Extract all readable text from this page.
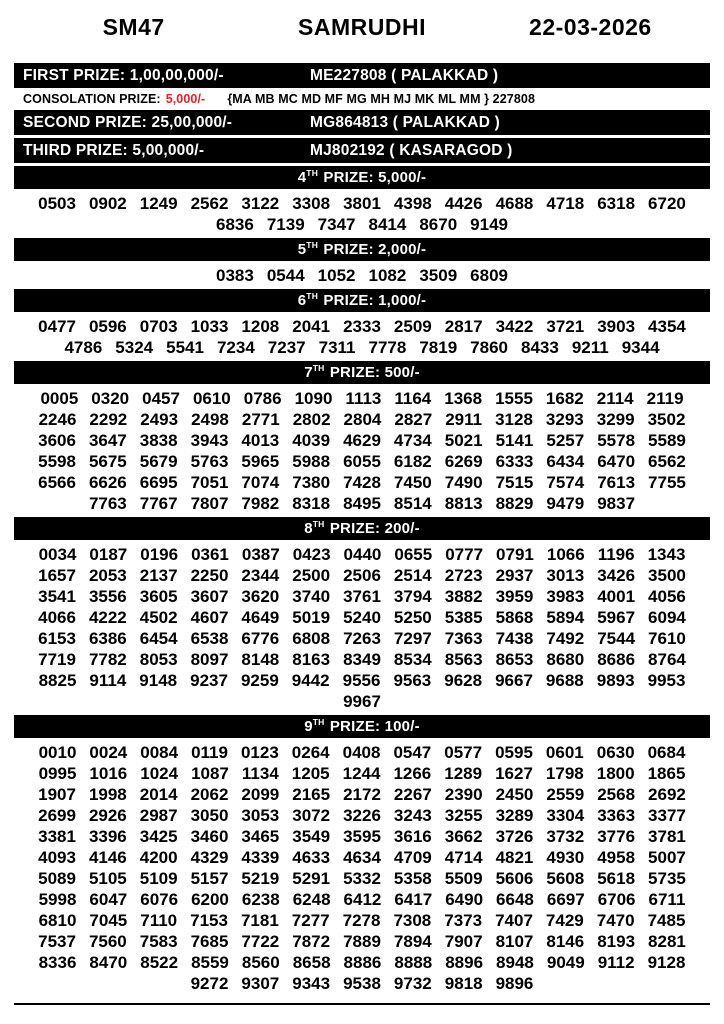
SM47	SAMRUDHI	22-03-2026
FIRST PRIZE: 1,00,00,000/-	ME227808 ( PALAKKAD )
CONSOLATION PRIZE: 5,000/- {MA MB MC MD MF MG MH MJ MK ML MM } 227808
SECOND PRIZE: 25,00,000/-	MG864813 ( PALAKKAD )
THIRD PRIZE: 5,00,000/-	MJ802192 ( KASARAGOD )
4TH PRIZE: 5,000/-
0503 0902 1249 2562 3122 3308 3801 4398 4426 4688 4718 6318 6720
6836 7139 7347 8414 8670 9149
5TH PRIZE: 2,000/-
0383 0544 1052 1082 3509 6809
6TH PRIZE: 1,000/-
0477 0596 0703 1033 1208 2041 2333 2509 2817 3422 3721 3903 4354
4786 5324 5541 7234 7237 7311 7778 7819 7860 8433 9211 9344
7TH PRIZE: 500/-
0005 0320 0457 0610 0786 1090 1113 1164 1368 1555 1682 2114 2119
2246 2292 2493 2498 2771 2802 2804 2827 2911 3128 3293 3299 3502
3606 3647 3838 3943 4013 4039 4629 4734 5021 5141 5257 5578 5589
5598 5675 5679 5763 5965 5988 6055 6182 6269 6333 6434 6470 6562
6566 6626 6695 7051 7074 7380 7428 7450 7490 7515 7574 7613 7755
7763 7767 7807 7982 8318 8495 8514 8813 8829 9479 9837
8TH PRIZE: 200/-
0034 0187 0196 0361 0387 0423 0440 0655 0777 0791 1066 1196 1343
1657 2053 2137 2250 2344 2500 2506 2514 2723 2937 3013 3426 3500
3541 3556 3605 3607 3620 3740 3761 3794 3882 3959 3983 4001 4056
4066 4222 4502 4607 4649 5019 5240 5250 5385 5868 5894 5967 6094
6153 6386 6454 6538 6776 6808 7263 7297 7363 7438 7492 7544 7610
7719 7782 8053 8097 8148 8163 8349 8534 8563 8653 8680 8686 8764
8825 9114 9148 9237 9259 9442 9556 9563 9628 9667 9688 9893 9953
9967
9TH PRIZE: 100/-
0010 0024 0084 0119 0123 0264 0408 0547 0577 0595 0601 0630 0684
0995 1016 1024 1087 1134 1205 1244 1266 1289 1627 1798 1800 1865
1907 1998 2014 2062 2099 2165 2172 2267 2390 2450 2559 2568 2692
2699 2926 2987 3050 3053 3072 3226 3243 3255 3289 3304 3363 3377
3381 3396 3425 3460 3465 3549 3595 3616 3662 3726 3732 3776 3781
4093 4146 4200 4329 4339 4633 4634 4709 4714 4821 4930 4958 5007
5089 5105 5109 5157 5219 5291 5332 5358 5509 5606 5608 5618 5735
5998 6047 6076 6200 6238 6248 6412 6417 6490 6648 6697 6706 6711
6810 7045 7110 7153 7181 7277 7278 7308 7373 7407 7429 7470 7485
7537 7560 7583 7685 7722 7872 7889 7894 7907 8107 8146 8193 8281
8336 8470 8522 8559 8560 8658 8886 8888 8896 8948 9049 9112 9128
9272 9307 9343 9538 9732 9818 9896
